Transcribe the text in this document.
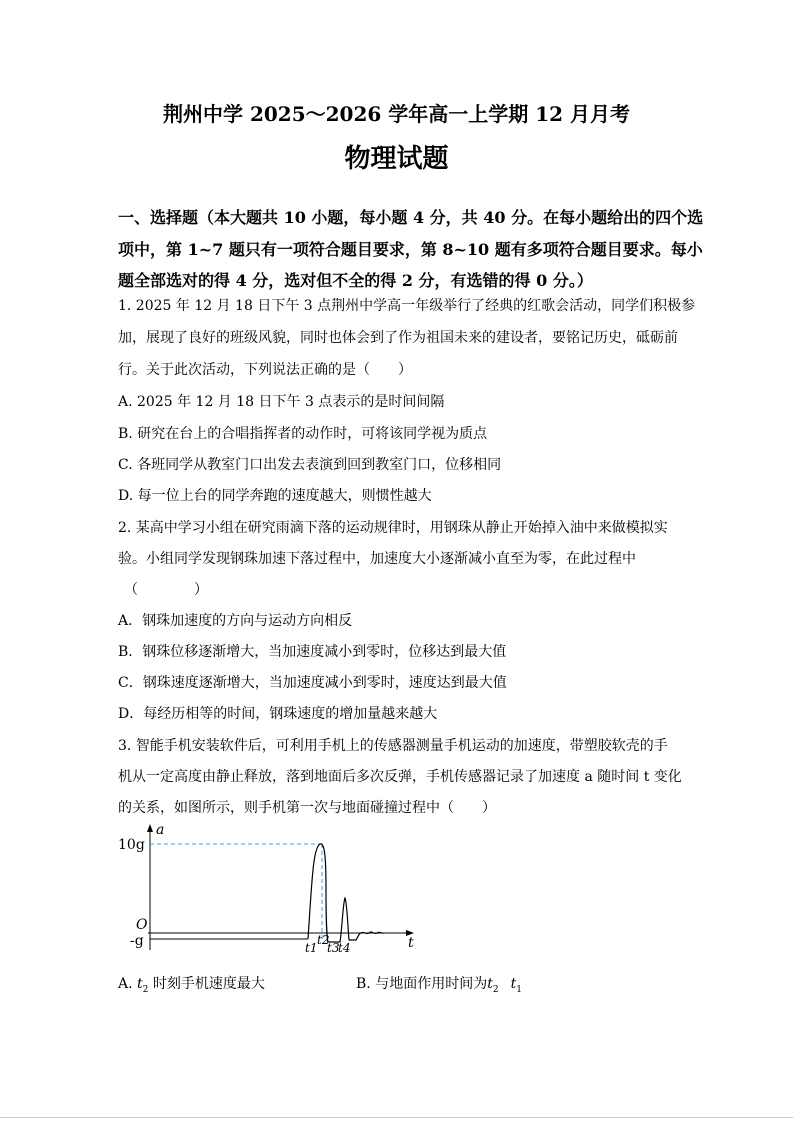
荆州中学 2025～2026 学年高一上学期 12 月月考
物理试题
一、选择题（本大题共 10 小题，每小题 4 分，共 40 分。在每小题给出的四个选
项中，第 1~7 题只有一项符合题目要求，第 8~10 题有多项符合题目要求。每小
题全部选对的得 4 分，选对但不全的得 2 分，有选错的得 0 分。）
1. 2025 年 12 月 18 日下午 3 点荆州中学高一年级举行了经典的红歌会活动，同学们积极参
加，展现了良好的班级风貌，同时也体会到了作为祖国未来的建设者，要铭记历史，砥砺前
行。关于此次活动，下列说法正确的是（　　）
A. 2025 年 12 月 18 日下午 3 点表示的是时间间隔
B. 研究在台上的合唱指挥者的动作时，可将该同学视为质点
C. 各班同学从教室门口出发去表演到回到教室门口，位移相同
D. 每一位上台的同学奔跑的速度越大，则惯性越大
2. 某高中学习小组在研究雨滴下落的运动规律时，用钢珠从静止开始掉入油中来做模拟实
验。小组同学发现钢珠加速下落过程中，加速度大小逐渐减小直至为零，在此过程中
（　　　　）
A．钢珠加速度的方向与运动方向相反
B．钢珠位移逐渐增大，当加速度减小到零时，位移达到最大值
C．钢珠速度逐渐增大，当加速度减小到零时，速度达到最大值
D．每经历相等的时间，钢珠速度的增加量越来越大
3. 智能手机安装软件后，可利用手机上的传感器测量手机运动的加速度，带塑胶软壳的手
机从一定高度由静止释放，落到地面后多次反弹，手机传感器记录了加速度 a 随时间 t 变化
的关系，如图所示，则手机第一次与地面碰撞过程中（　　）
a
t
O
10g
-g	t1
t2
t3
t4
A. $t_2$ 时刻手机速度最大	B. 与地面作用时间为$t_2$ $t_1$
